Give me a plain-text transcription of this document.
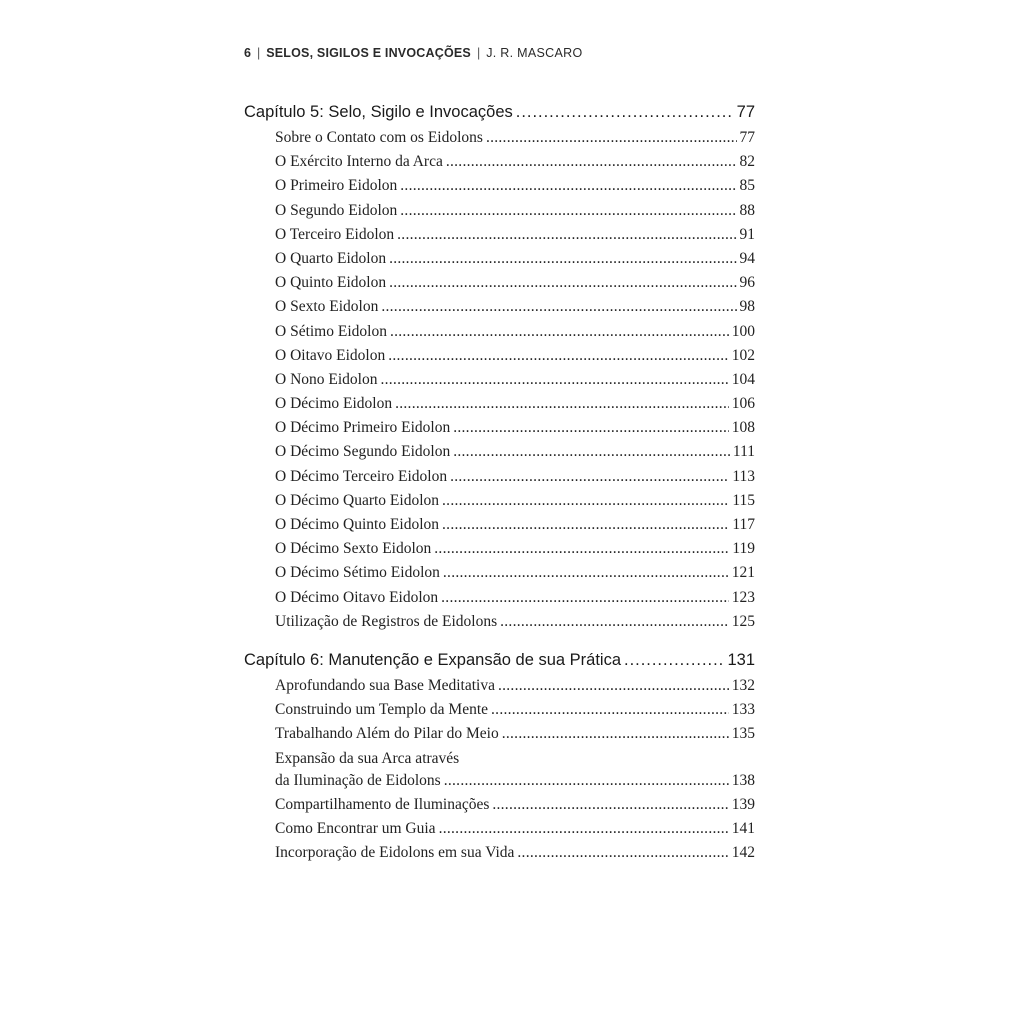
6 | SELOS, SIGILOS E INVOCAÇÕES | J. R. MASCARO
Capítulo 5: Selo, Sigilo e Invocações . . .	77
Sobre o Contato com os Eidolons . . .	77
O Exército Interno da Arca . . .	82
O Primeiro Eidolon . . .	85
O Segundo Eidolon . . .	88
O Terceiro Eidolon . . .	91
O Quarto Eidolon . . .	94
O Quinto Eidolon . . .	96
O Sexto Eidolon . . .	98
O Sétimo Eidolon . . .	100
O Oitavo Eidolon . . .	102
O Nono Eidolon . . .	104
O Décimo Eidolon . . .	106
O Décimo Primeiro Eidolon . . .	108
O Décimo Segundo Eidolon . . .	111
O Décimo Terceiro Eidolon . . .	113
O Décimo Quarto Eidolon . . .	115
O Décimo Quinto Eidolon . . .	117
O Décimo Sexto Eidolon . . .	119
O Décimo Sétimo Eidolon . . .	121
O Décimo Oitavo Eidolon . . .	123
Utilização de Registros de Eidolons . . .	125
Capítulo 6: Manutenção e Expansão de sua Prática . . .	131
Aprofundando sua Base Meditativa . . .	132
Construindo um Templo da Mente . . .	133
Trabalhando Além do Pilar do Meio . . .	135
Expansão da sua Arca através
da Iluminação de Eidolons . . .	138
Compartilhamento de Iluminações . . .	139
Como Encontrar um Guia . . .	141
Incorporação de Eidolons em sua Vida . . .	142
